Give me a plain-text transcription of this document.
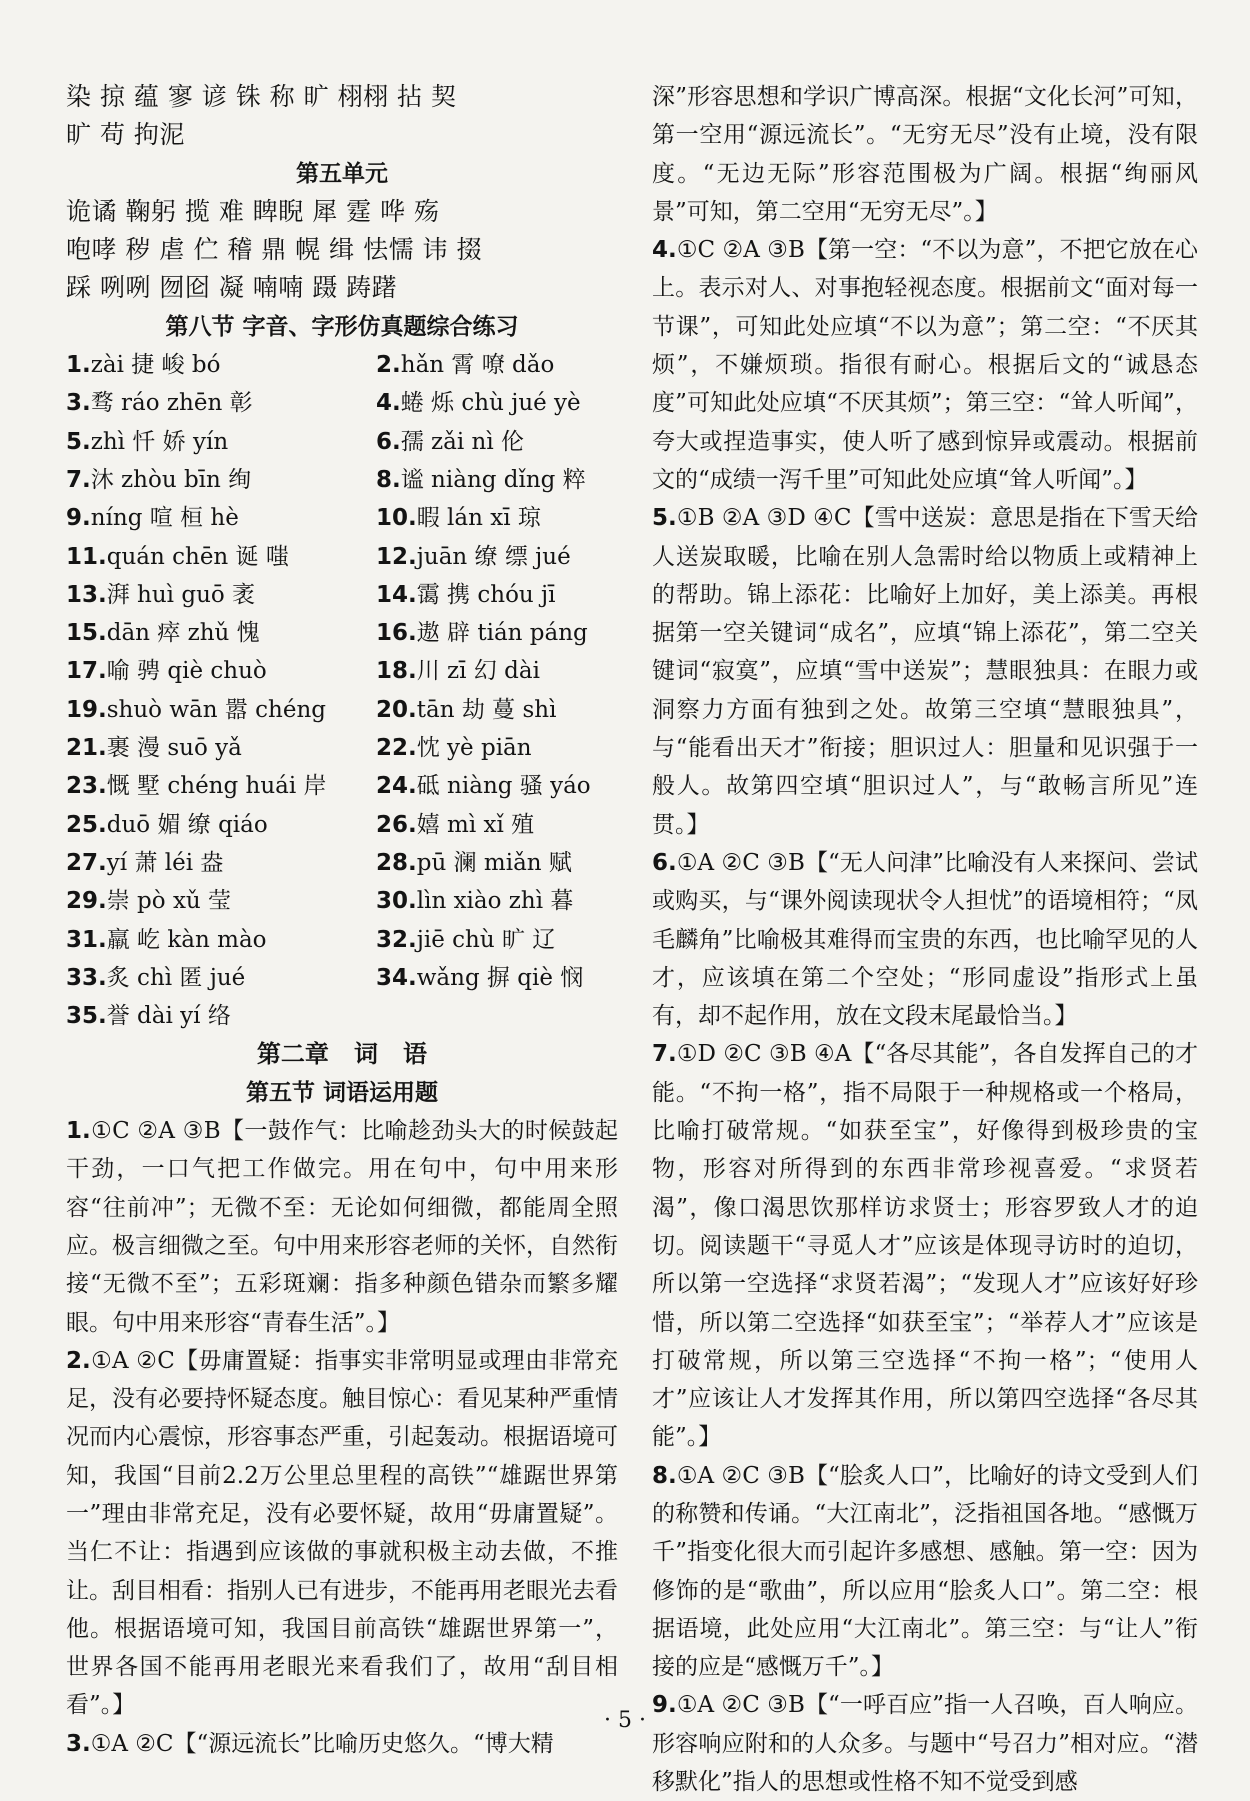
染 掠 蕴 寥 谚 铢 称 旷 栩栩 拈 契
旷 苟 拘泥
第五单元
诡谲 鞠躬 揽 难 睥睨 犀 霆 哗 殇
咆哮 秽 虐 伫 稽 鼎 幌 缉 怯懦 讳 掇
踩 咧咧 囫囵 凝 喃喃 蹑 踌躇
第八节 字音、字形仿真题综合练习
1.zài 捷 峻 bó	2.hǎn 霄 嘹 dǎo
3.骛 ráo zhēn 彰	4.蜷 烁 chù jué yè
5.zhì 忏 娇 yín	6.孺 zǎi nì 伦
7.沐 zhòu bīn 绚	8.谧 niàng dǐng 粹
9.níng 喧 桓 hè	10.暇 lán xī 琼
11.quán chēn 诞 嗤	12.juān 缭 缥 jué
13.湃 huì guō 袤	14.霭 携 chóu jī
15.dān 瘁 zhǔ 愧	16.遨 辟 tián páng
17.喻 骋 qiè chuò	18.川 zī 幻 dài
19.shuò wān 嚣 chéng	20.tān 劫 蔓 shì
21.裹 漫 suō yǎ	22.忱 yè piān
23.慨 墅 chéng huái 岸	24.砥 niàng 骚 yáo
25.duō 媚 缭 qiáo	26.嬉 mì xǐ 殖
27.yí 萧 léi 盎	28.pū 澜 miǎn 赋
29.崇 pò xǔ 莹	30.lìn xiào zhì 暮
31.羸 屹 kàn mào	32.jiē chù 旷 辽
33.炙 chì 匿 jué	34.wǎng 摒 qiè 悯
35.誉 dài yí 络
第二章   词   语
第五节 词语运用题
1.①C ②A ③B【一鼓作气：比喻趁劲头大的时候鼓起干劲，一口气把工作做完。用在句中，句中用来形容“往前冲”；无微不至：无论如何细微，都能周全照应。极言细微之至。句中用来形容老师的关怀，自然衔接“无微不至”；五彩斑斓：指多种颜色错杂而繁多耀眼。句中用来形容“青春生活”。】
2.①A ②C【毋庸置疑：指事实非常明显或理由非常充足，没有必要持怀疑态度。触目惊心：看见某种严重情况而内心震惊，形容事态严重，引起轰动。根据语境可知，我国“目前2.2万公里总里程的高铁”“雄踞世界第一”理由非常充足，没有必要怀疑，故用“毋庸置疑”。当仁不让：指遇到应该做的事就积极主动去做，不推让。刮目相看：指别人已有进步，不能再用老眼光去看他。根据语境可知，我国目前高铁“雄踞世界第一”，世界各国不能再用老眼光来看我们了，故用“刮目相看”。】
3.①A ②C【“源远流长”比喻历史悠久。“博大精
深”形容思想和学识广博高深。根据“文化长河”可知，第一空用“源远流长”。“无穷无尽”没有止境，没有限度。“无边无际”形容范围极为广阔。根据“绚丽风景”可知，第二空用“无穷无尽”。】
4.①C ②A ③B【第一空：“不以为意”，不把它放在心上。表示对人、对事抱轻视态度。根据前文“面对每一节课”，可知此处应填“不以为意”；第二空：“不厌其烦”，不嫌烦琐。指很有耐心。根据后文的“诚恳态度”可知此处应填“不厌其烦”；第三空：“耸人听闻”，夸大或捏造事实，使人听了感到惊异或震动。根据前文的“成绩一泻千里”可知此处应填“耸人听闻”。】
5.①B ②A ③D ④C【雪中送炭：意思是指在下雪天给人送炭取暖，比喻在别人急需时给以物质上或精神上的帮助。锦上添花：比喻好上加好，美上添美。再根据第一空关键词“成名”，应填“锦上添花”，第二空关键词“寂寞”，应填“雪中送炭”；慧眼独具：在眼力或洞察力方面有独到之处。故第三空填“慧眼独具”，与“能看出天才”衔接；胆识过人：胆量和见识强于一般人。故第四空填“胆识过人”，与“敢畅言所见”连贯。】
6.①A ②C ③B【“无人问津”比喻没有人来探问、尝试或购买，与“课外阅读现状令人担忧”的语境相符；“凤毛麟角”比喻极其难得而宝贵的东西，也比喻罕见的人才，应该填在第二个空处；“形同虚设”指形式上虽有，却不起作用，放在文段末尾最恰当。】
7.①D ②C ③B ④A【“各尽其能”，各自发挥自己的才能。“不拘一格”，指不局限于一种规格或一个格局，比喻打破常规。“如获至宝”，好像得到极珍贵的宝物，形容对所得到的东西非常珍视喜爱。“求贤若渴”，像口渴思饮那样访求贤士；形容罗致人才的迫切。阅读题干“寻觅人才”应该是体现寻访时的迫切，所以第一空选择“求贤若渴”；“发现人才”应该好好珍惜，所以第二空选择“如获至宝”；“举荐人才”应该是打破常规，所以第三空选择“不拘一格”；“使用人才”应该让人才发挥其作用，所以第四空选择“各尽其能”。】
8.①A ②C ③B【“脍炙人口”，比喻好的诗文受到人们的称赞和传诵。“大江南北”，泛指祖国各地。“感慨万千”指变化很大而引起许多感想、感触。第一空：因为修饰的是“歌曲”，所以应用“脍炙人口”。第二空：根据语境，此处应用“大江南北”。第三空：与“让人”衔接的应是“感慨万千”。】
9.①A ②C ③B【“一呼百应”指一人召唤，百人响应。形容响应附和的人众多。与题中“号召力”相对应。“潜移默化”指人的思想或性格不知不觉受到感
· 5 ·
